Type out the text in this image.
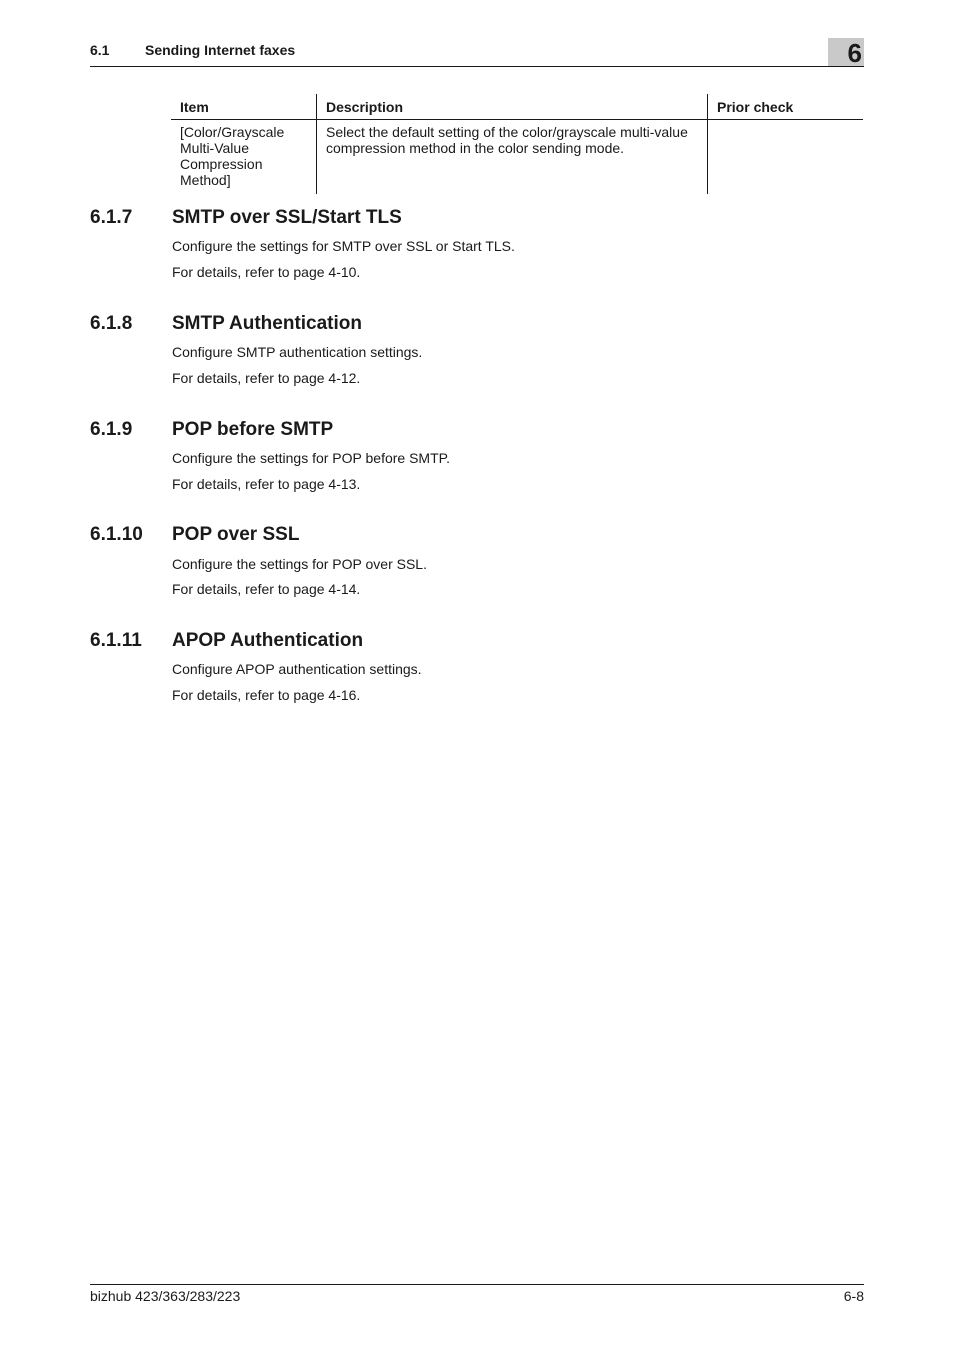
6.1	Sending Internet faxes	6
Item	Description	Prior check
[Color/Grayscale Multi-Value Compression Method]	Select the default setting of the color/grayscale multi-value compression method in the color sending mode.	
6.1.7 SMTP over SSL/Start TLS
Configure the settings for SMTP over SSL or Start TLS.
For details, refer to page 4-10.
6.1.8 SMTP Authentication
Configure SMTP authentication settings.
For details, refer to page 4-12.
6.1.9 POP before SMTP
Configure the settings for POP before SMTP.
For details, refer to page 4-13.
6.1.10 POP over SSL
Configure the settings for POP over SSL.
For details, refer to page 4-14.
6.1.11 APOP Authentication
Configure APOP authentication settings.
For details, refer to page 4-16.
bizhub 423/363/283/223	6-8
